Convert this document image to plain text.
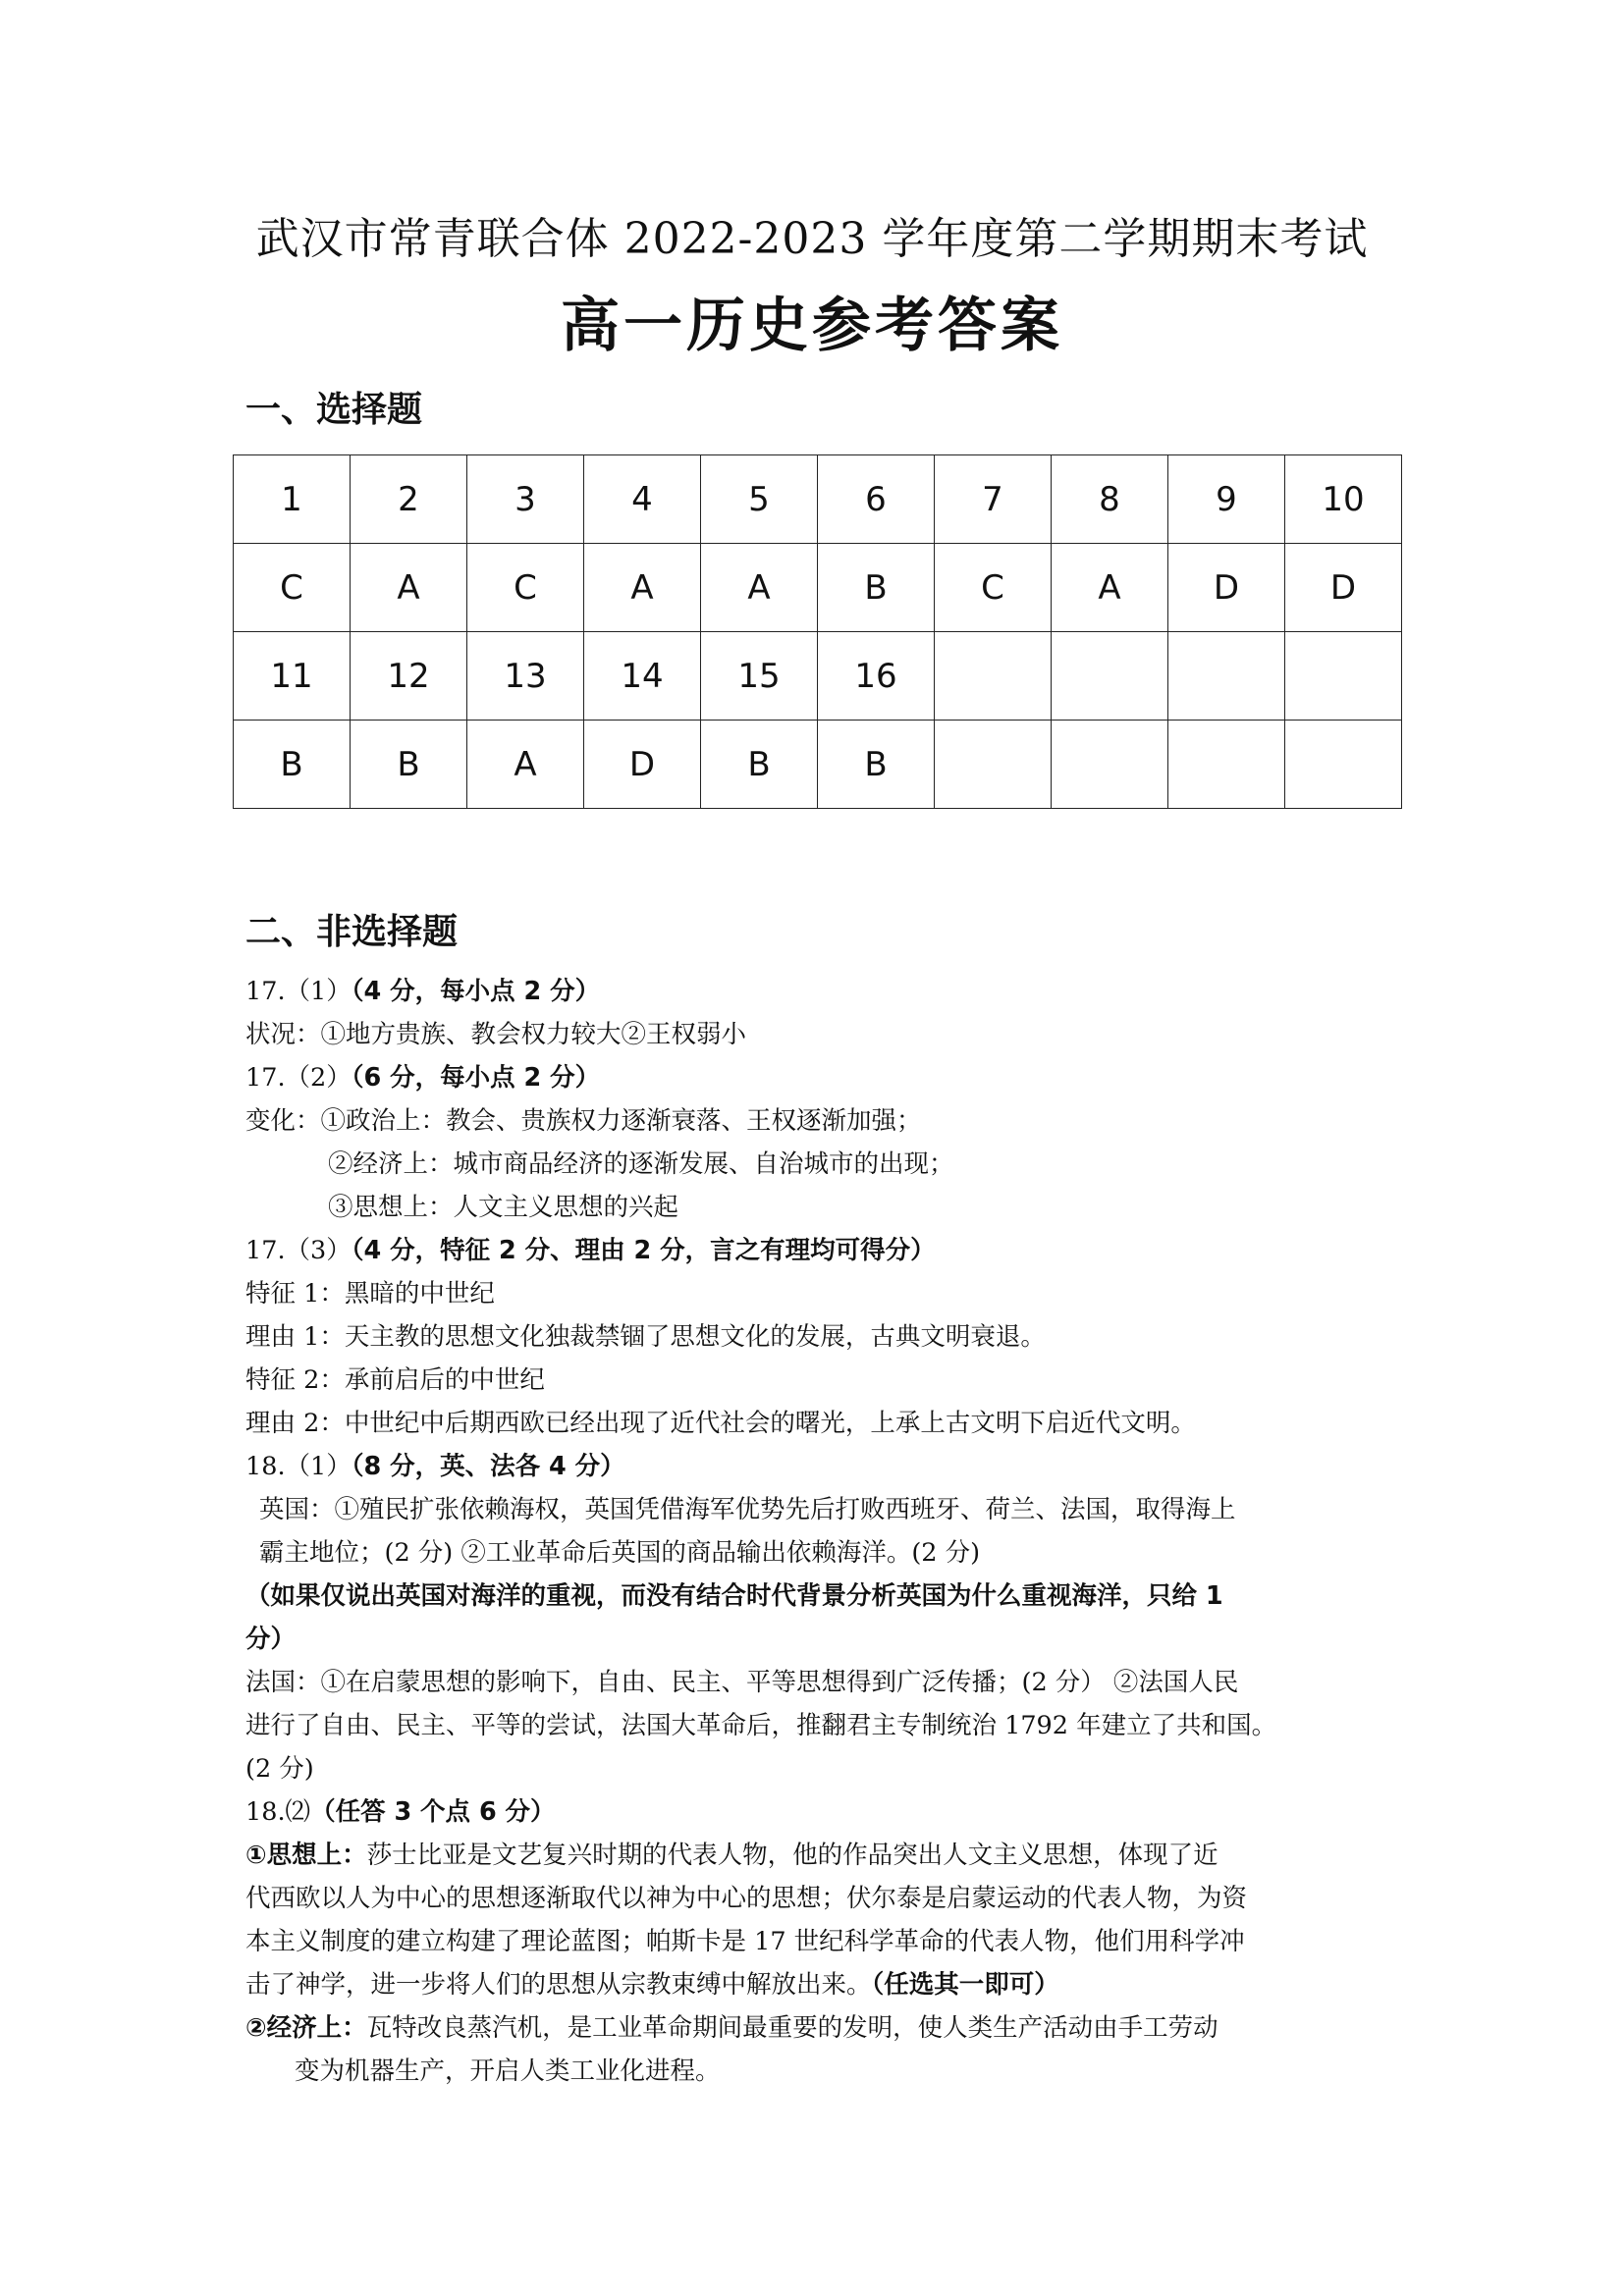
武汉市常青联合体 2022-2023 学年度第二学期期末考试
高一历史参考答案
一、选择题
1	2	3	4	5	6	7	8	9	10
C	A	C	A	A	B	C	A	D	D
11	12	13	14	15	16				
B	B	A	D	B	B				
二、非选择题
17.（1）（4 分，每小点 2 分）
状况：①地方贵族、教会权力较大②王权弱小
17.（2）（6 分，每小点 2 分）
变化：①政治上：教会、贵族权力逐渐衰落、王权逐渐加强；
②经济上：城市商品经济的逐渐发展、自治城市的出现；
③思想上：人文主义思想的兴起
17.（3）（4 分，特征 2 分、理由 2 分，言之有理均可得分）
特征 1：黑暗的中世纪
理由 1：天主教的思想文化独裁禁锢了思想文化的发展，古典文明衰退。
特征 2：承前启后的中世纪
理由 2：中世纪中后期西欧已经出现了近代社会的曙光，上承上古文明下启近代文明。
18.（1）（8 分，英、法各 4 分）
英国：①殖民扩张依赖海权，英国凭借海军优势先后打败西班牙、荷兰、法国，取得海上
霸主地位；(2 分) ②工业革命后英国的商品输出依赖海洋。(2 分)
（如果仅说出英国对海洋的重视，而没有结合时代背景分析英国为什么重视海洋，只给 1
分）
法国：①在启蒙思想的影响下，自由、民主、平等思想得到广泛传播；(2 分） ②法国人民
进行了自由、民主、平等的尝试，法国大革命后，推翻君主专制统治 1792 年建立了共和国。
(2 分)
18.⑵（任答 3 个点 6 分）
①思想上：莎士比亚是文艺复兴时期的代表人物，他的作品突出人文主义思想，体现了近
代西欧以人为中心的思想逐渐取代以神为中心的思想；伏尔泰是启蒙运动的代表人物，为资
本主义制度的建立构建了理论蓝图；帕斯卡是 17 世纪科学革命的代表人物，他们用科学冲
击了神学，进一步将人们的思想从宗教束缚中解放出来。（任选其一即可）
②经济上：瓦特改良蒸汽机，是工业革命期间最重要的发明，使人类生产活动由手工劳动
变为机器生产，开启人类工业化进程。
